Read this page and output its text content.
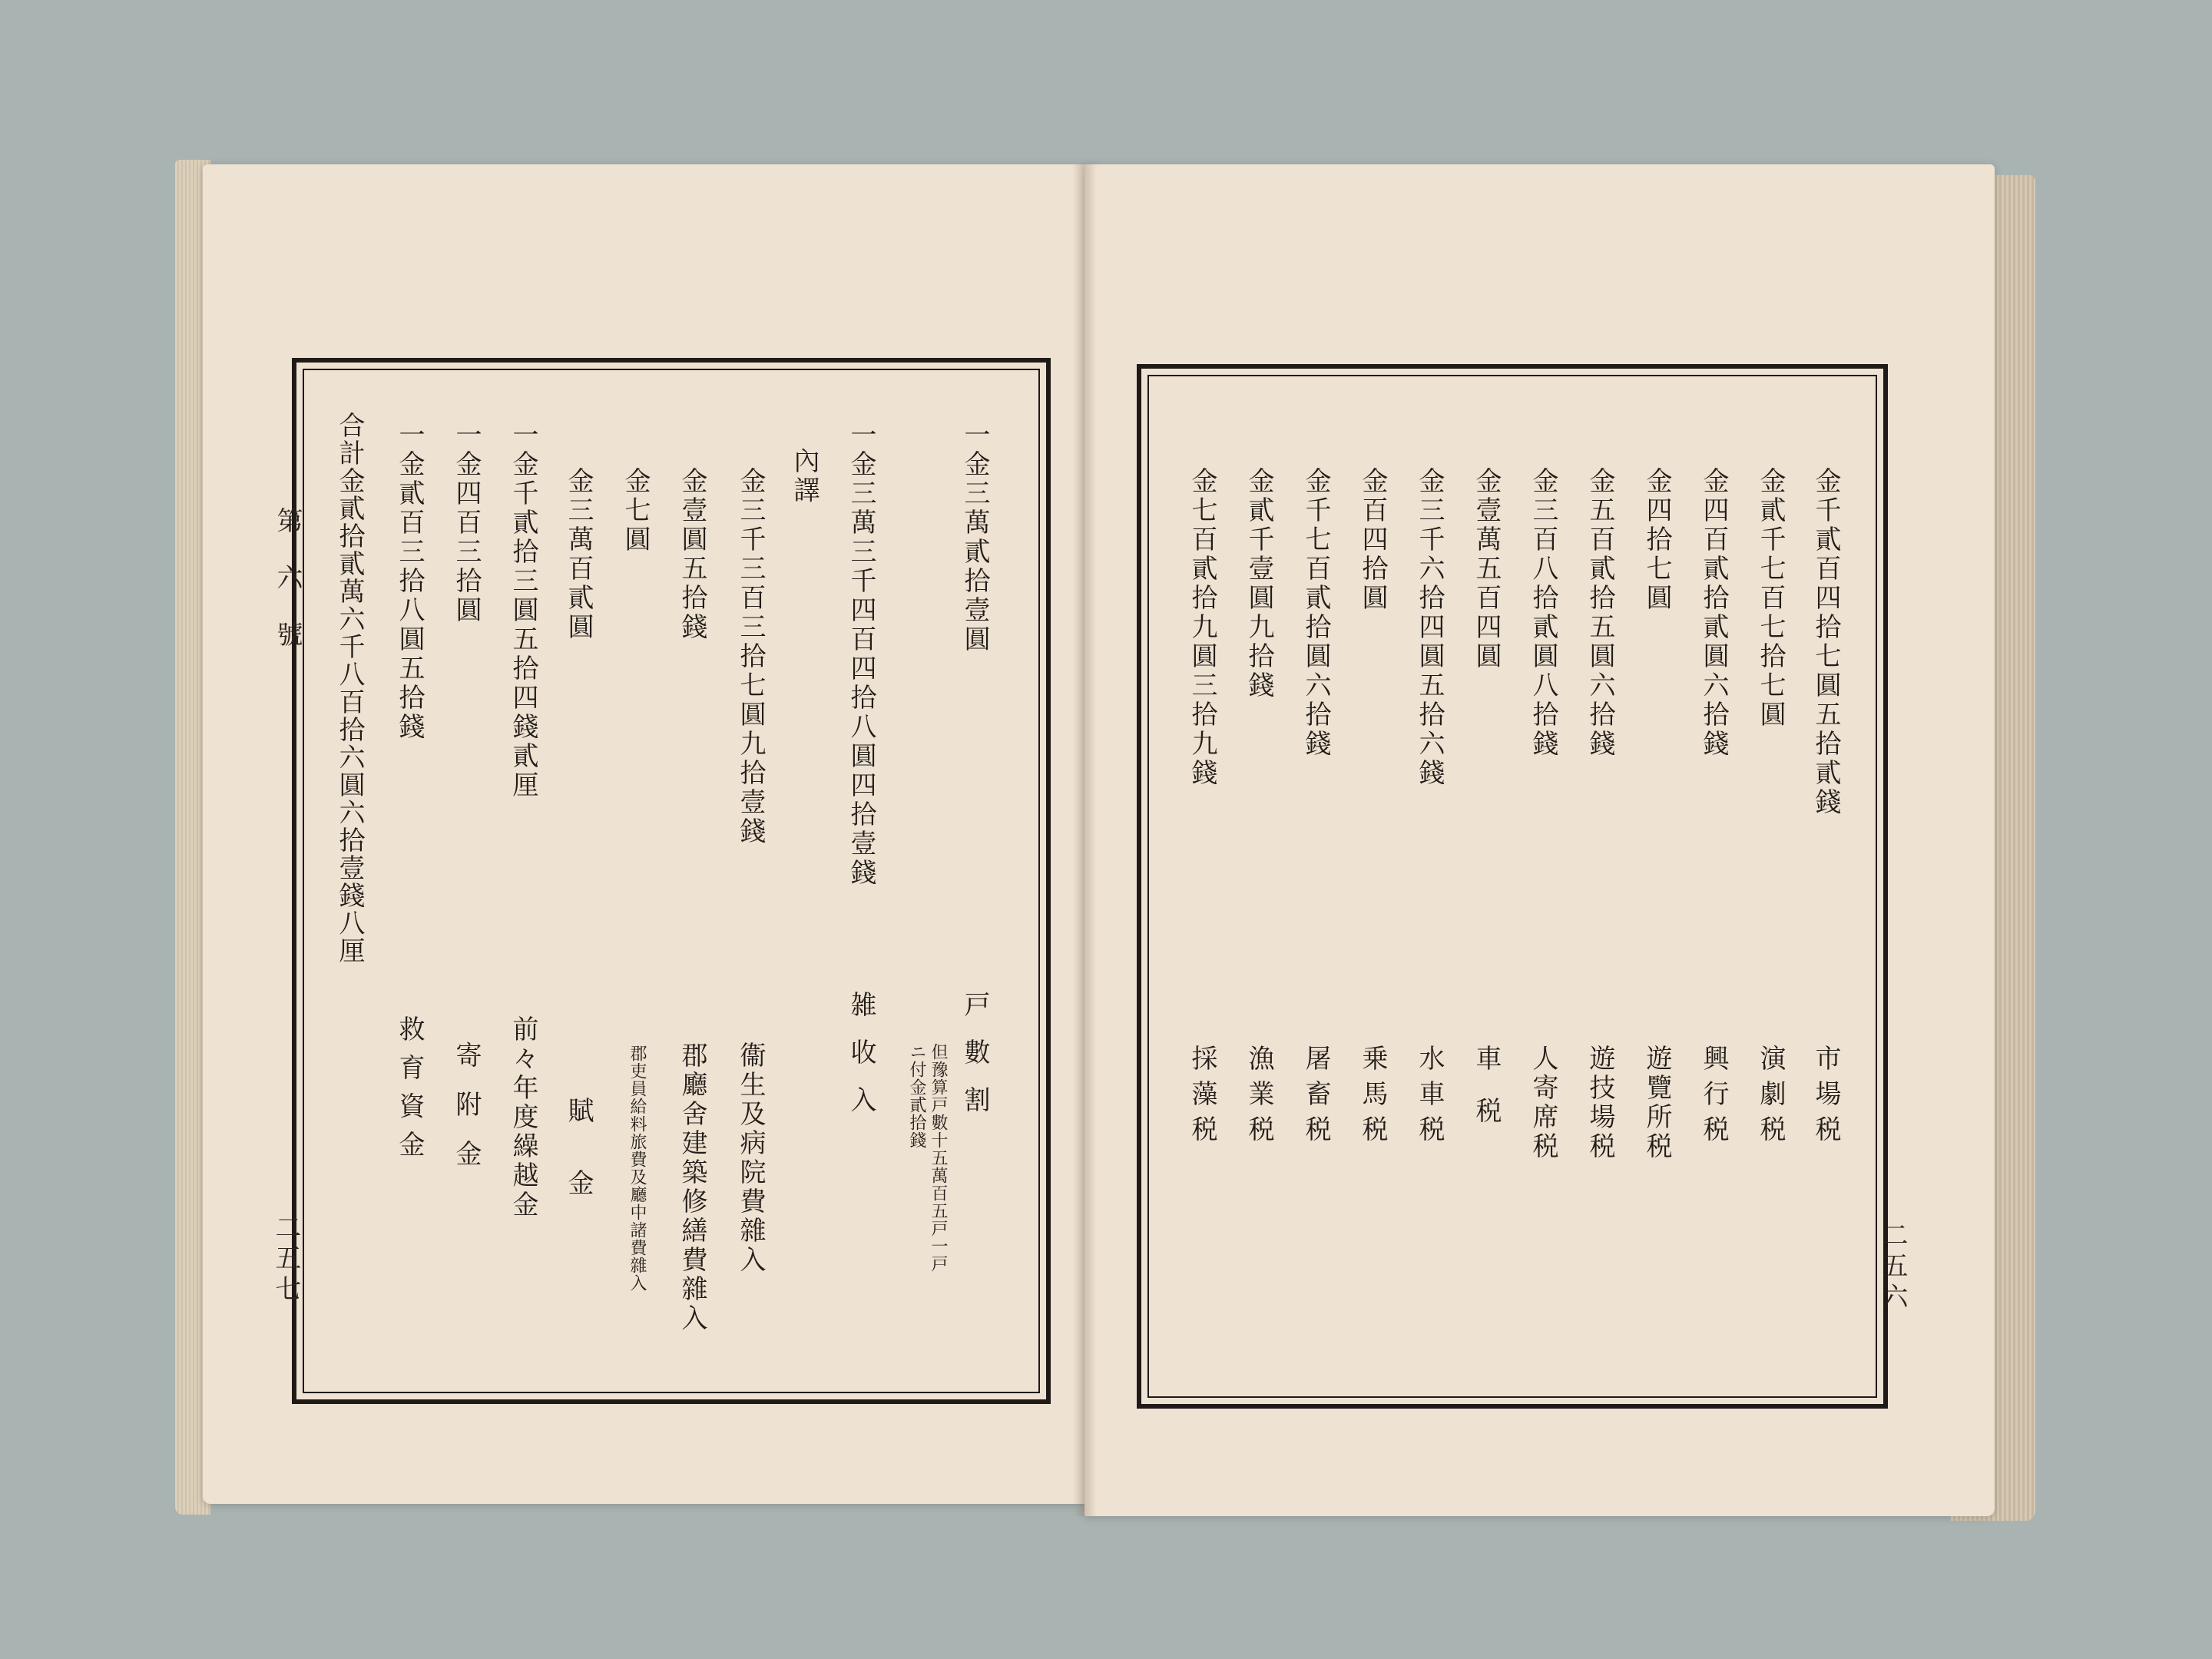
第六號
二五七
一金三萬貳拾壹圓
戸數割
但豫算戸數十五萬百五戸一戸
ニ付金貳拾錢
一金三萬三千四百四拾八圓四拾壹錢
雑收入
內譯
金三千三百三拾七圓九拾壹錢
衞生及病院費雜入
金壹圓五拾錢
郡廳舍建築修繕費雜入
金七圓
郡吏員給料旅費及廳中諸費雜入
金三萬百貳圓
賦金
一金千貳拾三圓五拾四錢貳厘
前々年度繰越金
一金四百三拾圓
寄附金
一金貳百三拾八圓五拾錢
救育資金
合計金貳拾貳萬六千八百拾六圓六拾壹錢八厘
二五六
金千貳百四拾七圓五拾貳錢
市場税
金貳千七百七拾七圓
演劇税
金四百貳拾貳圓六拾錢
興行税
金四拾七圓
遊覽所税
金五百貳拾五圓六拾錢
遊技場税
金三百八拾貳圓八拾錢
人寄席税
金壹萬五百四圓
車税
金三千六拾四圓五拾六錢
水車税
金百四拾圓
乗馬税
金千七百貳拾圓六拾錢
屠畜税
金貳千壹圓九拾錢
漁業税
金七百貳拾九圓三拾九錢
採藻税
